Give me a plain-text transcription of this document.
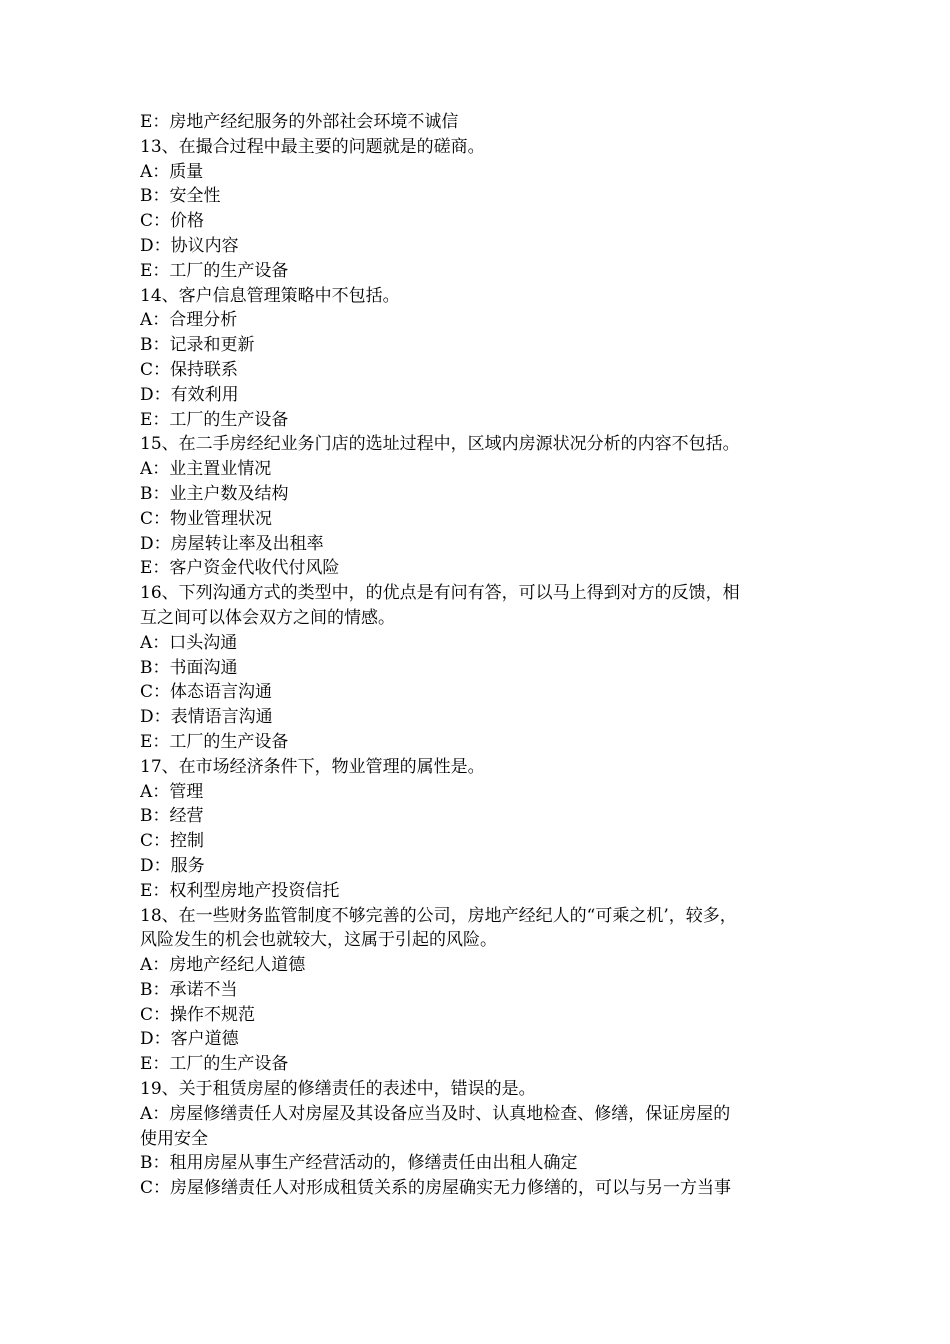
E：房地产经纪服务的外部社会环境不诚信
13、在撮合过程中最主要的问题就是的磋商。
A：质量
B：安全性
C：价格
D：协议内容
E：工厂的生产设备
14、客户信息管理策略中不包括。
A：合理分析
B：记录和更新
C：保持联系
D：有效利用
E：工厂的生产设备
15、在二手房经纪业务门店的选址过程中，区域内房源状况分析的内容不包括。
A：业主置业情况
B：业主户数及结构
C：物业管理状况
D：房屋转让率及出租率
E：客户资金代收代付风险
16、下列沟通方式的类型中，的优点是有问有答，可以马上得到对方的反馈，相
互之间可以体会双方之间的情感。
A：口头沟通
B：书面沟通
C：体态语言沟通
D：表情语言沟通
E：工厂的生产设备
17、在市场经济条件下，物业管理的属性是。
A：管理
B：经营
C：控制
D：服务
E：权利型房地产投资信托
18、在一些财务监管制度不够完善的公司，房地产经纪人的“可乘之机’，较多，
风险发生的机会也就较大，这属于引起的风险。
A：房地产经纪人道德
B：承诺不当
C：操作不规范
D：客户道德
E：工厂的生产设备
19、关于租赁房屋的修缮责任的表述中，错误的是。
A：房屋修缮责任人对房屋及其设备应当及时、认真地检查、修缮，保证房屋的
使用安全
B：租用房屋从事生产经营活动的，修缮责任由出租人确定
C：房屋修缮责任人对形成租赁关系的房屋确实无力修缮的，可以与另一方当事
